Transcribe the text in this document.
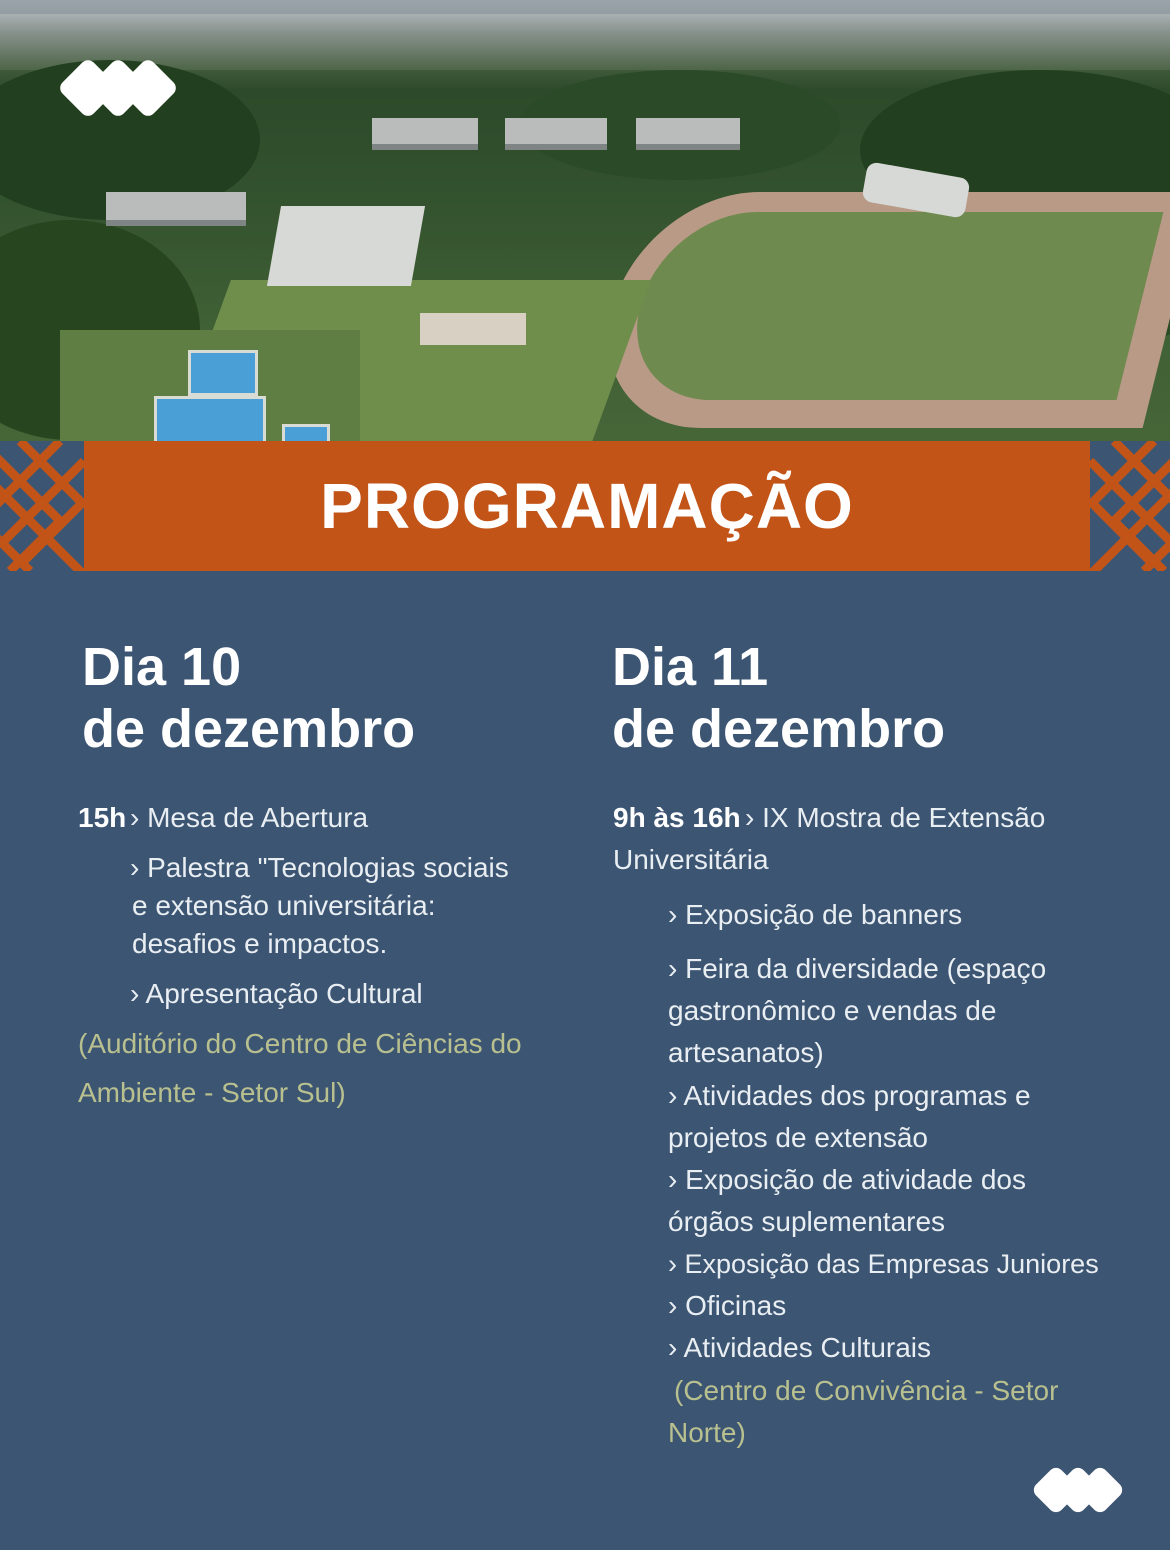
PROGRAMAÇÃO
Dia 10
de dezembro
15h › Mesa de Abertura
› Palestra "Tecnologias sociais
e extensão universitária:
desafios e impactos.
› Apresentação Cultural
(Auditório do Centro de Ciências do
Ambiente - Setor Sul)
Dia 11
de dezembro
9h às 16h › IX Mostra de Extensão
Universitária
› Exposição de banners
› Feira da diversidade (espaço
gastronômico e vendas de
artesanatos)
› Atividades dos programas e
projetos de extensão
› Exposição de atividade dos
órgãos suplementares
› Exposição das Empresas Juniores
› Oficinas
› Atividades Culturais
(Centro de Convivência - Setor
Norte)
